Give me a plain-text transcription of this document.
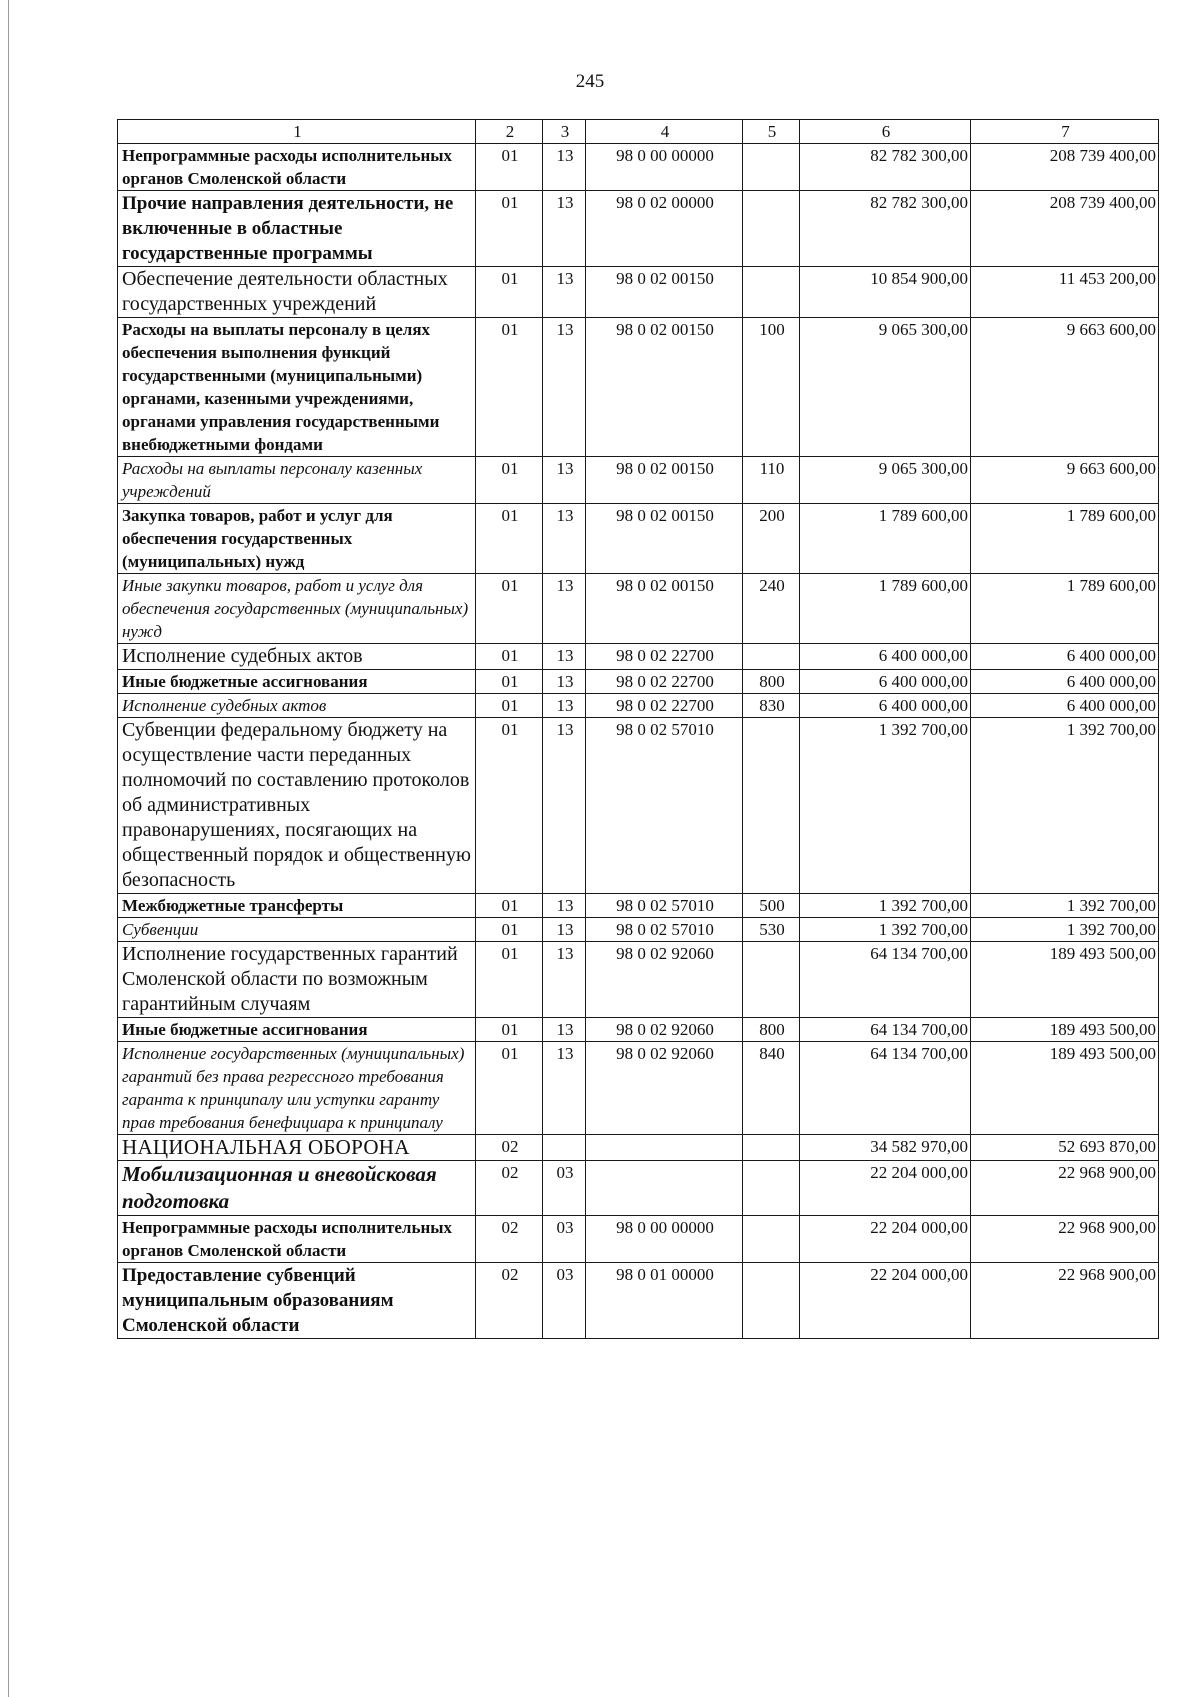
245
1	2	3	4	5	6	7
Непрограммные расходы исполнительных органов Смоленской области	01	13	98 0 00 00000		82 782 300,00	208 739 400,00
Прочие направления деятельности, не включенные в областные государственные программы	01	13	98 0 02 00000		82 782 300,00	208 739 400,00
Обеспечение деятельности областных государственных учреждений	01	13	98 0 02 00150		10 854 900,00	11 453 200,00
Расходы на выплаты персоналу в целях обеспечения выполнения функций государственными (муниципальными) органами, казенными учреждениями, органами управления государственными внебюджетными фондами	01	13	98 0 02 00150	100	9 065 300,00	9 663 600,00
Расходы на выплаты персоналу казенных учреждений	01	13	98 0 02 00150	110	9 065 300,00	9 663 600,00
Закупка товаров, работ и услуг для обеспечения государственных (муниципальных) нужд	01	13	98 0 02 00150	200	1 789 600,00	1 789 600,00
Иные закупки товаров, работ и услуг для обеспечения государственных (муниципальных) нужд	01	13	98 0 02 00150	240	1 789 600,00	1 789 600,00
Исполнение судебных актов	01	13	98 0 02 22700		6 400 000,00	6 400 000,00
Иные бюджетные ассигнования	01	13	98 0 02 22700	800	6 400 000,00	6 400 000,00
Исполнение судебных актов	01	13	98 0 02 22700	830	6 400 000,00	6 400 000,00
Субвенции федеральному бюджету на осуществление части переданных полномочий по составлению протоколов об административных правонарушениях, посягающих на общественный порядок и общественную безопасность	01	13	98 0 02 57010		1 392 700,00	1 392 700,00
Межбюджетные трансферты	01	13	98 0 02 57010	500	1 392 700,00	1 392 700,00
Субвенции	01	13	98 0 02 57010	530	1 392 700,00	1 392 700,00
Исполнение государственных гарантий Смоленской области по возможным гарантийным случаям	01	13	98 0 02 92060		64 134 700,00	189 493 500,00
Иные бюджетные ассигнования	01	13	98 0 02 92060	800	64 134 700,00	189 493 500,00
Исполнение государственных (муниципальных) гарантий без права регрессного требования гаранта к принципалу или уступки гаранту прав требования бенефициара к принципалу	01	13	98 0 02 92060	840	64 134 700,00	189 493 500,00
НАЦИОНАЛЬНАЯ ОБОРОНА	02				34 582 970,00	52 693 870,00
Мобилизационная и вневойсковая подготовка	02	03			22 204 000,00	22 968 900,00
Непрограммные расходы исполнительных органов Смоленской области	02	03	98 0 00 00000		22 204 000,00	22 968 900,00
Предоставление субвенций муниципальным образованиям Смоленской области	02	03	98 0 01 00000		22 204 000,00	22 968 900,00
